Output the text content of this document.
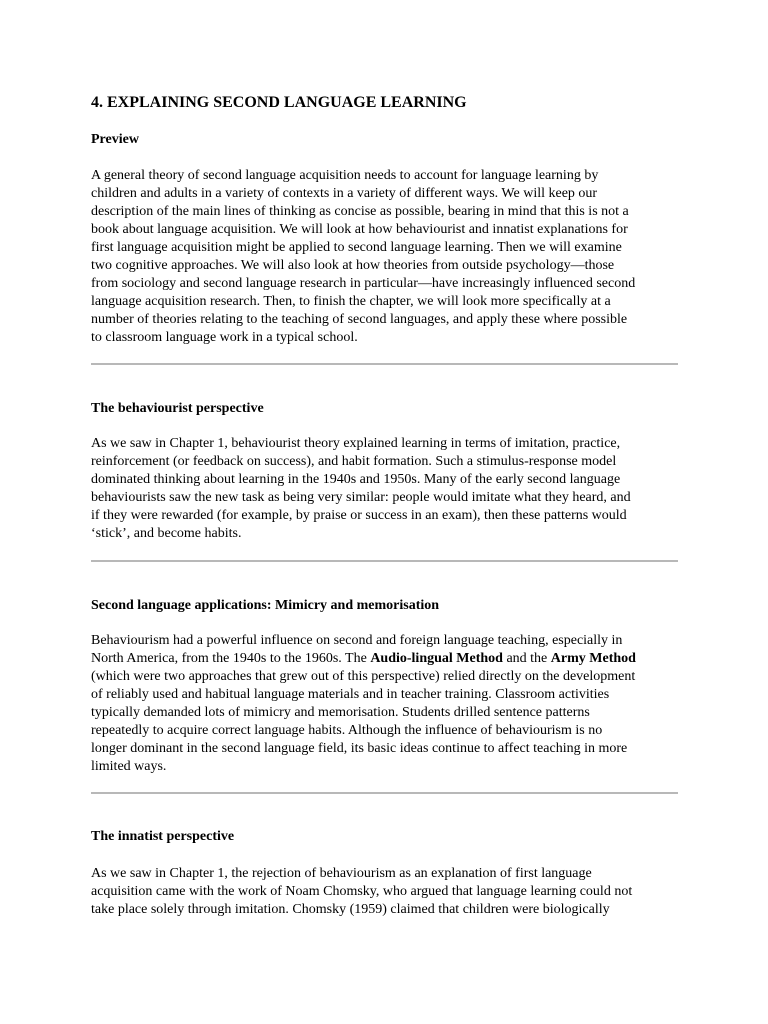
4. EXPLAINING SECOND LANGUAGE LEARNING
Preview

A general theory of second language acquisition needs to account for language learning by
children and adults in a variety of contexts in a variety of different ways. We will keep our
description of the main lines of thinking as concise as possible, bearing in mind that this is not a
book about language acquisition. We will look at how behaviourist and innatist explanations for
first language acquisition might be applied to second language learning. Then we will examine
two cognitive approaches. We will also look at how theories from outside psychology—those
from sociology and second language research in particular—have increasingly influenced second
language acquisition research. Then, to finish the chapter, we will look more specifically at a
number of theories relating to the teaching of second languages, and apply these where possible
to classroom language work in a typical school.

The behaviourist perspective

As we saw in Chapter 1, behaviourist theory explained learning in terms of imitation, practice,
reinforcement (or feedback on success), and habit formation. Such a stimulus-response model
dominated thinking about learning in the 1940s and 1950s. Many of the early second language
behaviourists saw the new task as being very similar: people would imitate what they heard, and
if they were rewarded (for example, by praise or success in an exam), then these patterns would
‘stick’, and become habits.

Second language applications: Mimicry and memorisation

Behaviourism had a powerful influence on second and foreign language teaching, especially in
North America, from the 1940s to the 1960s. The Audio-lingual Method and the Army Method
(which were two approaches that grew out of this perspective) relied directly on the development
of reliably used and habitual language materials and in teacher training. Classroom activities
typically demanded lots of mimicry and memorisation. Students drilled sentence patterns
repeatedly to acquire correct language habits. Although the influence of behaviourism is no
longer dominant in the second language field, its basic ideas continue to affect teaching in more
limited ways.

The innatist perspective

As we saw in Chapter 1, the rejection of behaviourism as an explanation of first language
acquisition came with the work of Noam Chomsky, who argued that language learning could not
take place solely through imitation. Chomsky (1959) claimed that children were biologically
